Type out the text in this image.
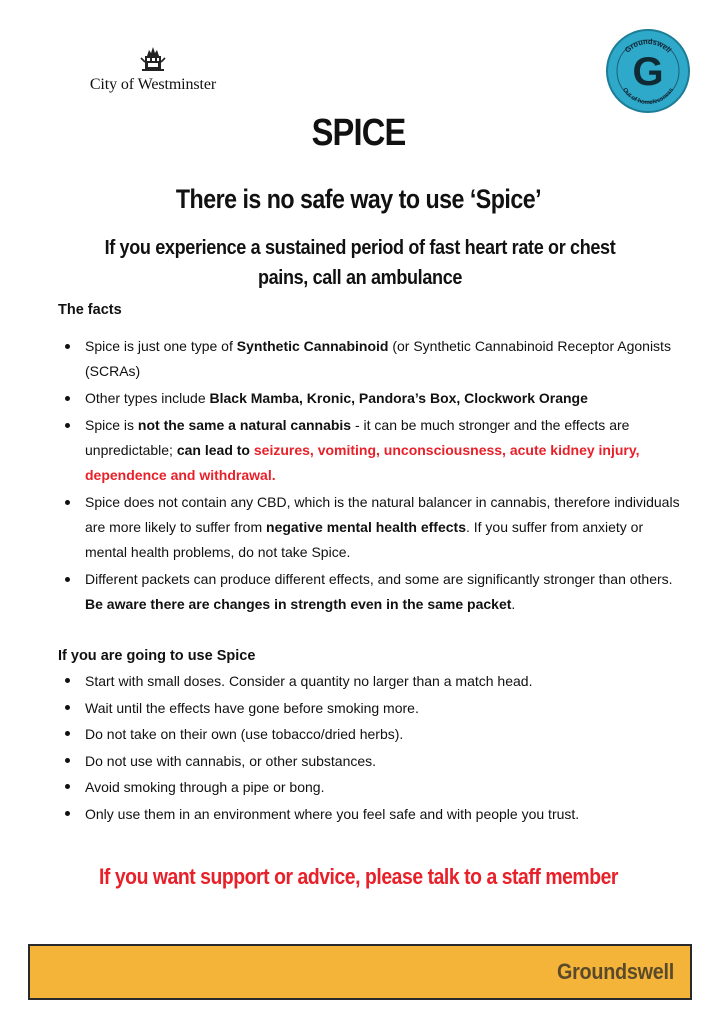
City of Westminster
Groundswell
Out of homelessness
G
SPICE
There is no safe way to use ‘Spice’
If you experience a sustained period of fast heart rate or chest pains, call an ambulance
The facts
Spice is just one type of Synthetic Cannabinoid (or Synthetic Cannabinoid Receptor Agonists (SCRAs)
Other types include Black Mamba, Kronic, Pandora’s Box, Clockwork Orange
Spice is not the same a natural cannabis - it can be much stronger and the effects are unpredictable; can lead to seizures, vomiting, unconsciousness, acute kidney injury, dependence and withdrawal.
Spice does not contain any CBD, which is the natural balancer in cannabis, therefore individuals are more likely to suffer from negative mental health effects. If you suffer from anxiety or mental health problems, do not take Spice.
Different packets can produce different effects, and some are significantly stronger than others. Be aware there are changes in strength even in the same packet.
If you are going to use Spice
Start with small doses. Consider a quantity no larger than a match head.
Wait until the effects have gone before smoking more.
Do not take on their own (use tobacco/dried herbs).
Do not use with cannabis, or other substances.
Avoid smoking through a pipe or bong.
Only use them in an environment where you feel safe and with people you trust.
If you want support or advice, please talk to a staff member
Groundswell
